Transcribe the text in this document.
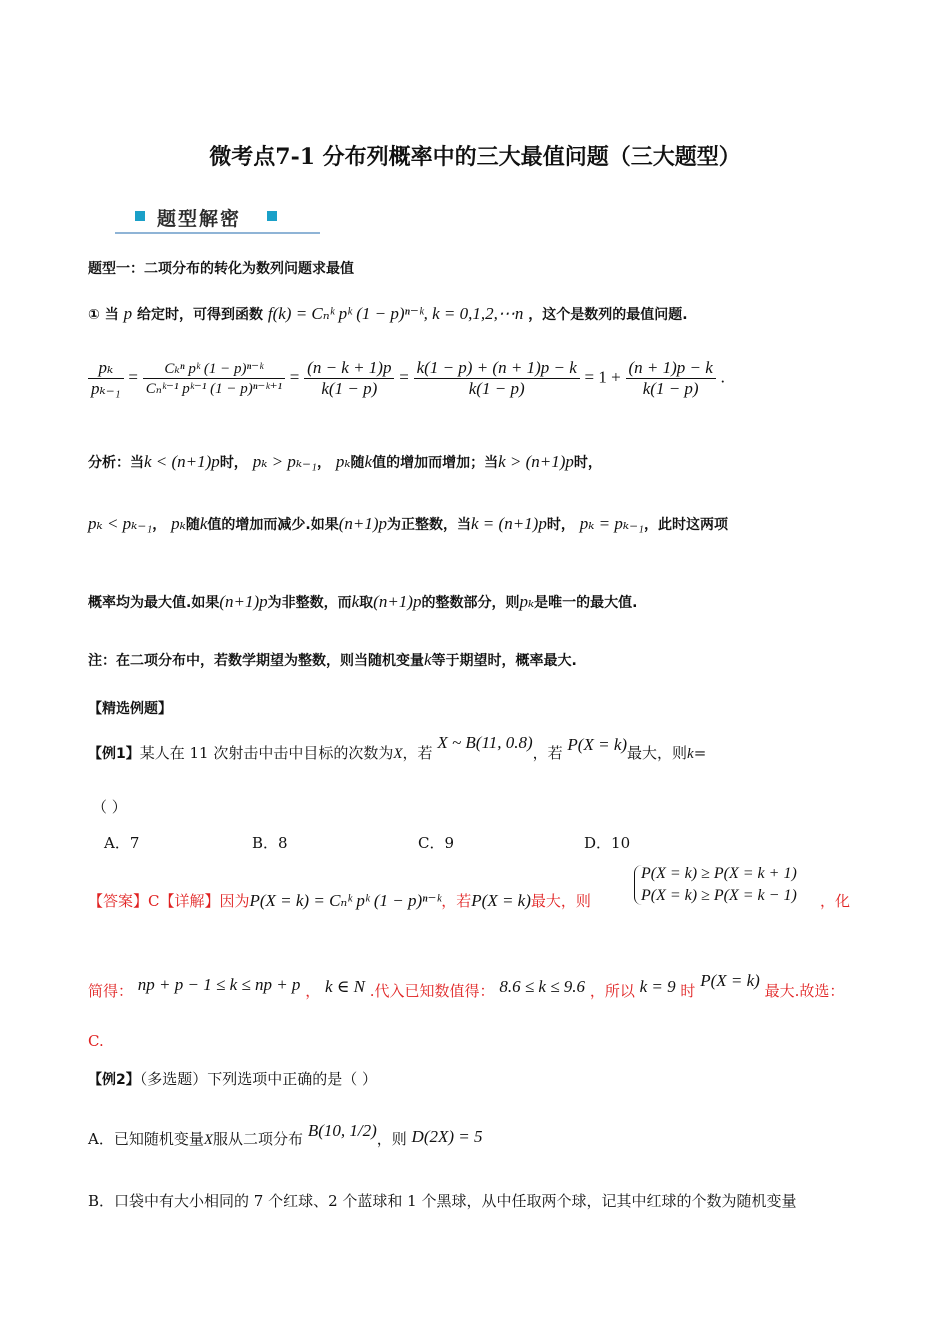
微考点7-1 分布列概率中的三大最值问题（三大题型）
题型解密
题型一：二项分布的转化为数列问题求最值
① 当 p 给定时，可得到函数 f(k) = Cₙᵏ pᵏ (1 − p)ⁿ⁻ᵏ, k = 0,1,2,⋯n ，这个是数列的最值问题.
$\frac{\text{pₖ}}{\text{pₖ₋₁}} = \frac{\text{Cₖⁿ pᵏ (1 − p)ⁿ⁻ᵏ}}{\text{Cₙᵏ⁻¹ pᵏ⁻¹ (1 − p)ⁿ⁻ᵏ⁺¹}} = \frac{(n - k + 1)p}{k(1 - p)} = \frac{k(1 - p) + (n + 1)p - k}{k(1 - p)} = 1 + \frac{(n + 1)p - k}{k(1 - p)}$ .
分析：当k < (n+1)p时， pₖ > pₖ₋₁， pₖ随k值的增加而增加；当k > (n+1)p时，
pₖ < pₖ₋₁， pₖ随k值的增加而减少.如果(n+1)p为正整数，当k = (n+1)p时， pₖ = pₖ₋₁，此时这两项
概率均为最大值.如果(n+1)p为非整数，而k取(n+1)p的整数部分，则pₖ是唯一的最大值.
注：在二项分布中，若数学期望为整数，则当随机变量k等于期望时，概率最大.
【精选例题】
【例1】某人在 11 次射击中击中目标的次数为X，若 X ~ B(11, 0.8)，若 P(X = k)最大，则k=
（ ）
A．7	B．8	C．9	D．10
【答案】C【详解】因为P(X = k) = Cₙᵏ pᵏ (1 − p)ⁿ⁻ᵏ，若P(X = k)最大，则
P(X = k) ≥ P(X = k + 1)
P(X = k) ≥ P(X = k − 1) ，化
简得： np + p − 1 ≤ k ≤ np + p ， k ∈ N .代入已知数值得： 8.6 ≤ k ≤ 9.6 ，所以 k = 9 时 P(X = k) 最大.故选：
C.
【例2】（多选题）下列选项中正确的是（ ）
A．已知随机变量X服从二项分布 B(10, 1/2)，则 D(2X) = 5
B．口袋中有大小相同的 7 个红球、2 个蓝球和 1 个黑球，从中任取两个球，记其中红球的个数为随机变量
